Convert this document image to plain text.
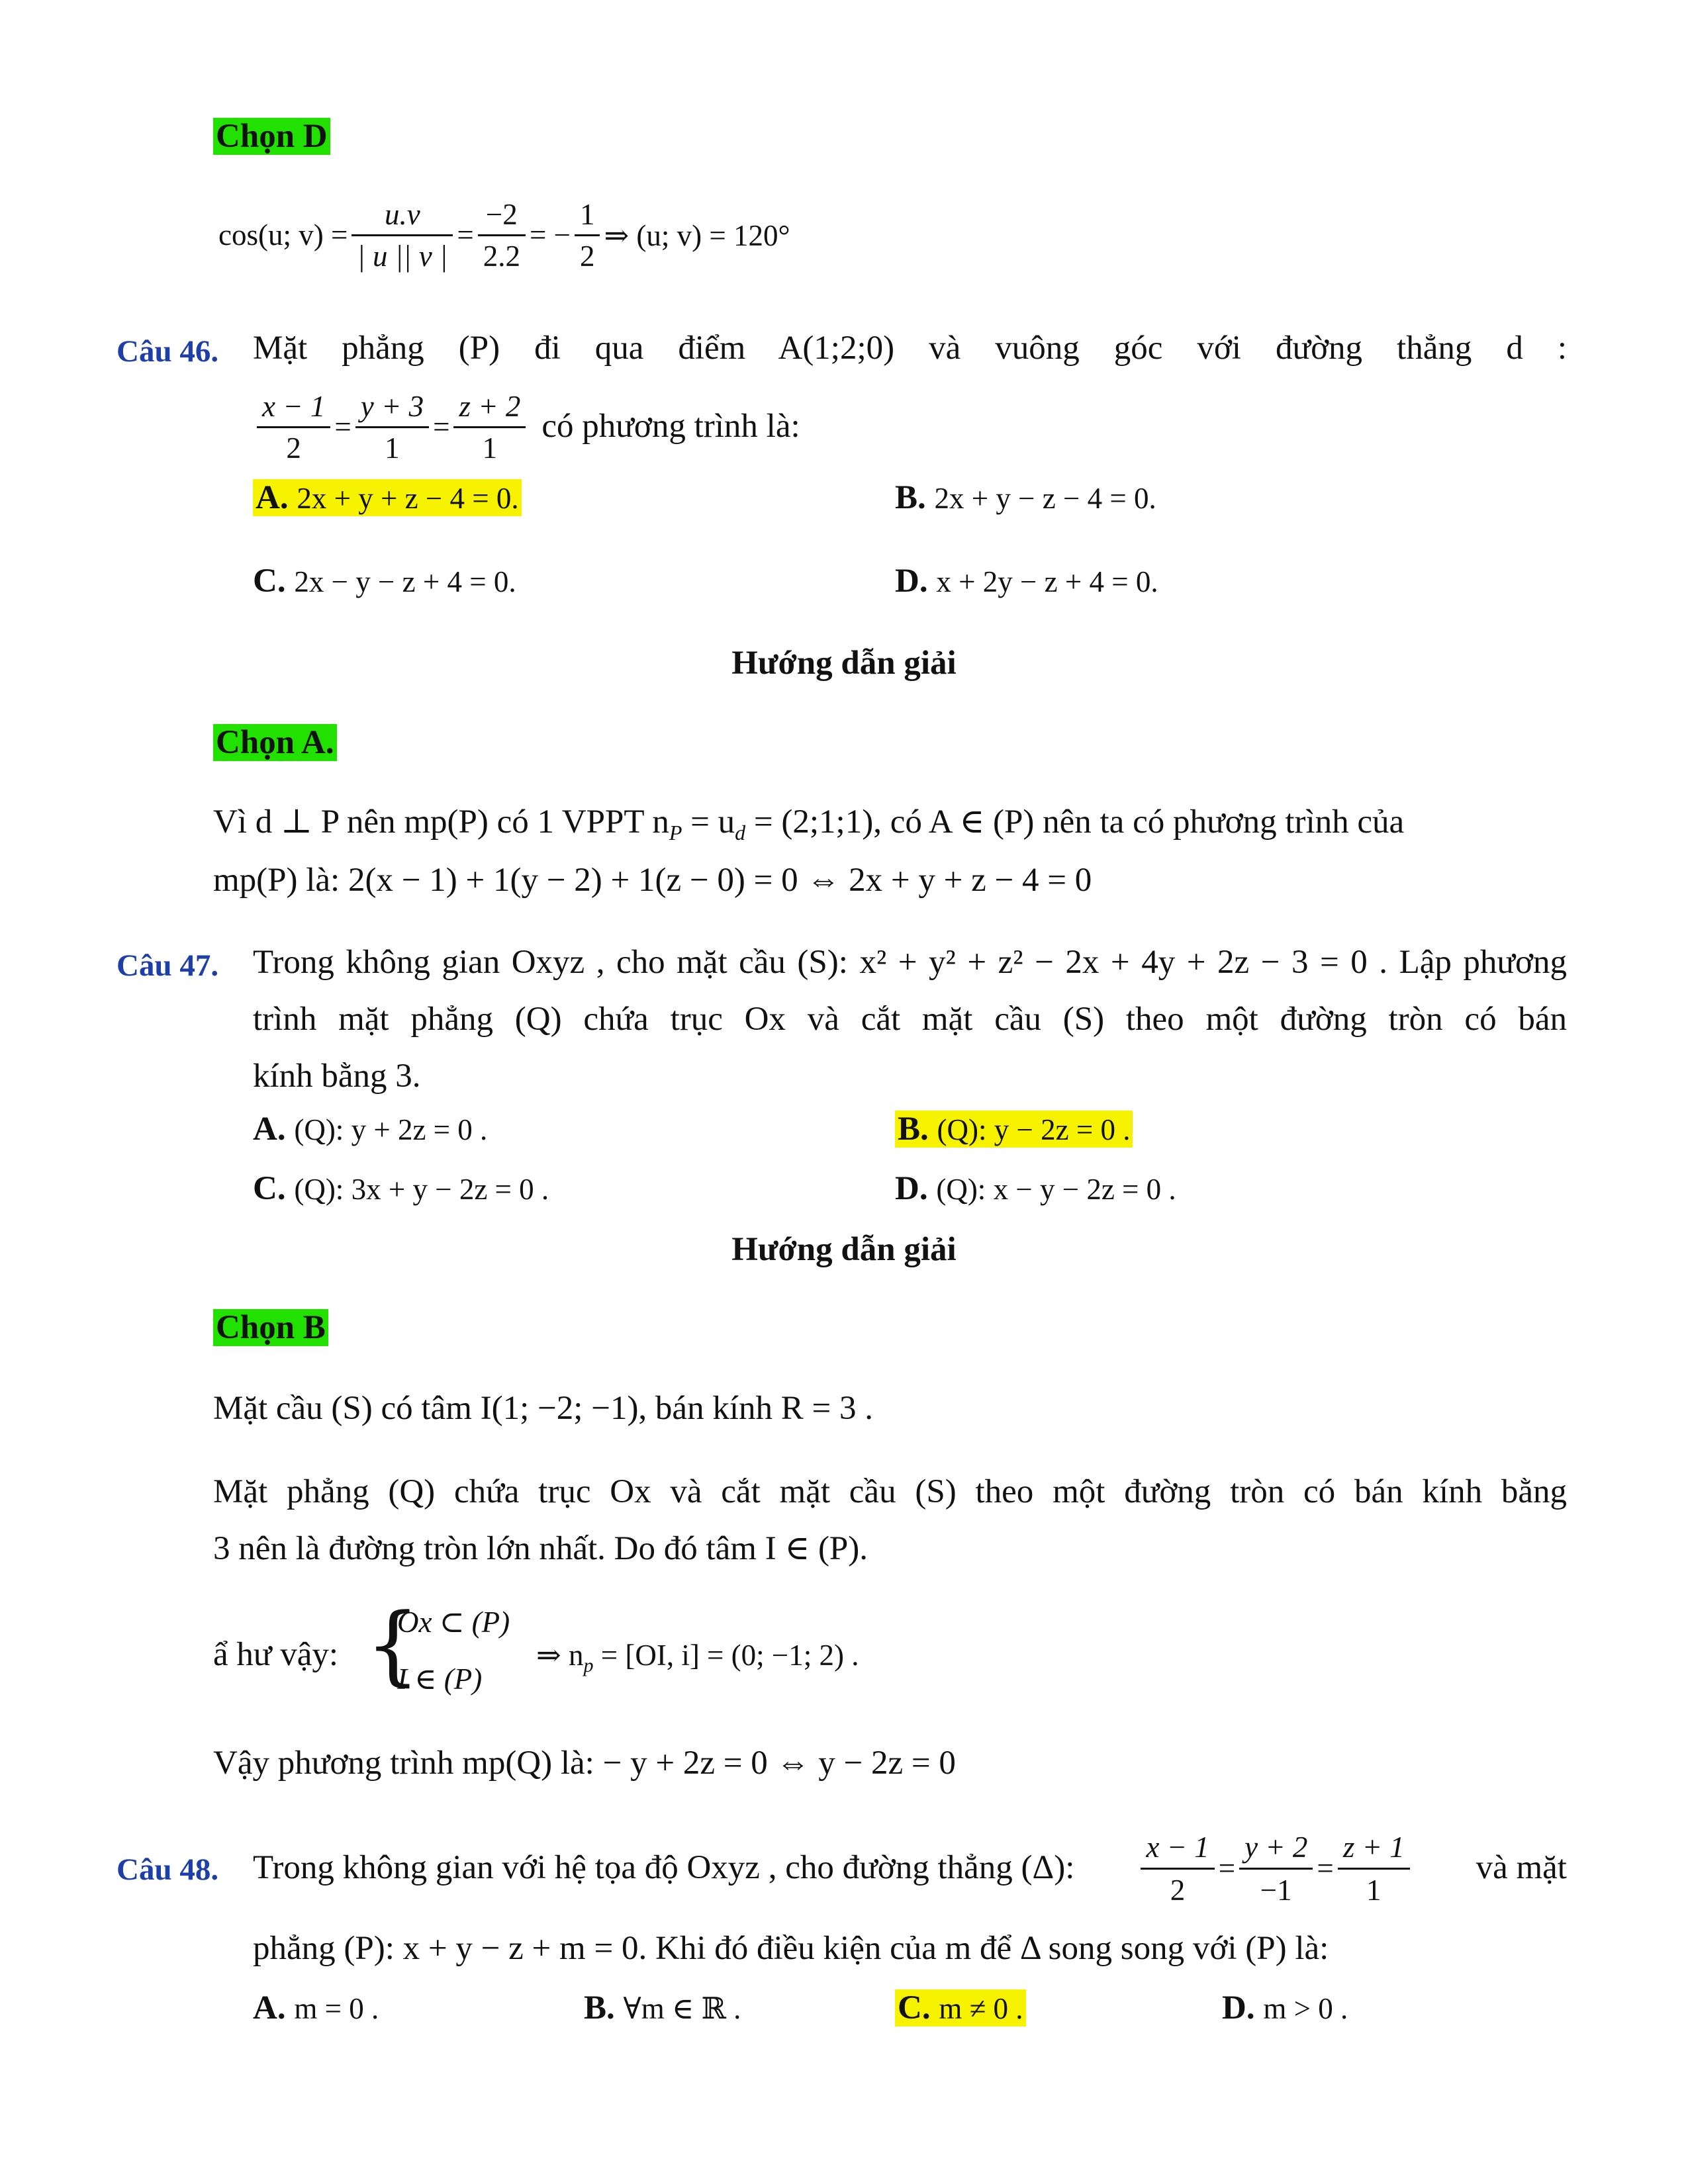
Chọn D
cos(u; $v) = \frac{u.v}{| u || v |} = \frac{-2}{2.2}$ = − $\frac{1}{2}$ ⇒ (u; v) = 120°
Câu 46. Mặt phẳng (P) đi qua điểm A(1;2;0) và vuông góc với đường thẳng d :
$\frac{x - 1}{2} = \frac{y + 3}{1} = \frac{z + 2}{1}$ có phương trình là:
A. 2x + y + z − 4 = 0.	B. 2x + y − z − 4 = 0.
C. 2x − y − z + 4 = 0.	D. x + 2y − z + 4 = 0.
Hướng dẫn giải
Chọn A.
Vì d ⊥ P nên mp(P) có 1 VPPT $n_P = u_d$ = (2;1;1), có A ∈ (P) nên ta có phương trình của
mp(P) là: 2(x − 1) + 1(y − 2) + 1(z − 0) = 0 ⇔ 2x + y + z − 4 = 0
Câu 47. Trong không gian Oxyz , cho mặt cầu (S): x² + y² + z² − 2x + 4y + 2z − 3 = 0 . Lập phương
trình mặt phẳng (Q) chứa trục Ox và cắt mặt cầu (S) theo một đường tròn có bán
kính bằng 3.
A. (Q): y + 2z = 0 .	B. (Q): y − 2z = 0 .
C. (Q): 3x + y − 2z = 0 .	D. (Q): x − y − 2z = 0 .
Hướng dẫn giải
Chọn B
Mặt cầu (S) có tâm I(1; −2; −1), bán kính R = 3 .
Mặt phẳng (Q) chứa trục Ox và cắt mặt cầu (S) theo một đường tròn có bán kính bằng
3 nên là đường tròn lớn nhất. Do đó tâm I ∈ (P).
ẩ hư vậy: {
Ox ⊂ (P)
I ∈ (P)
⇒ $n_p = [OI$, i] = (0; −1; 2) .
Vậy phương trình mp(Q) là: − y + 2z = 0 ⇔ y − 2z = 0
Câu 48. Trong không gian với hệ tọa độ Oxyz , cho đường thẳng (Δ): $\frac{x - 1}{2} = \frac{y + 2}{-1} = \frac{z + 1}{1}$ và mặt
phẳng (P): x + y − z + m = 0. Khi đó điều kiện của m để Δ song song với (P) là:
A. m = 0 .	B. ∀m ∈ ℝ .	C. m ≠ 0 .	D. m > 0 .
